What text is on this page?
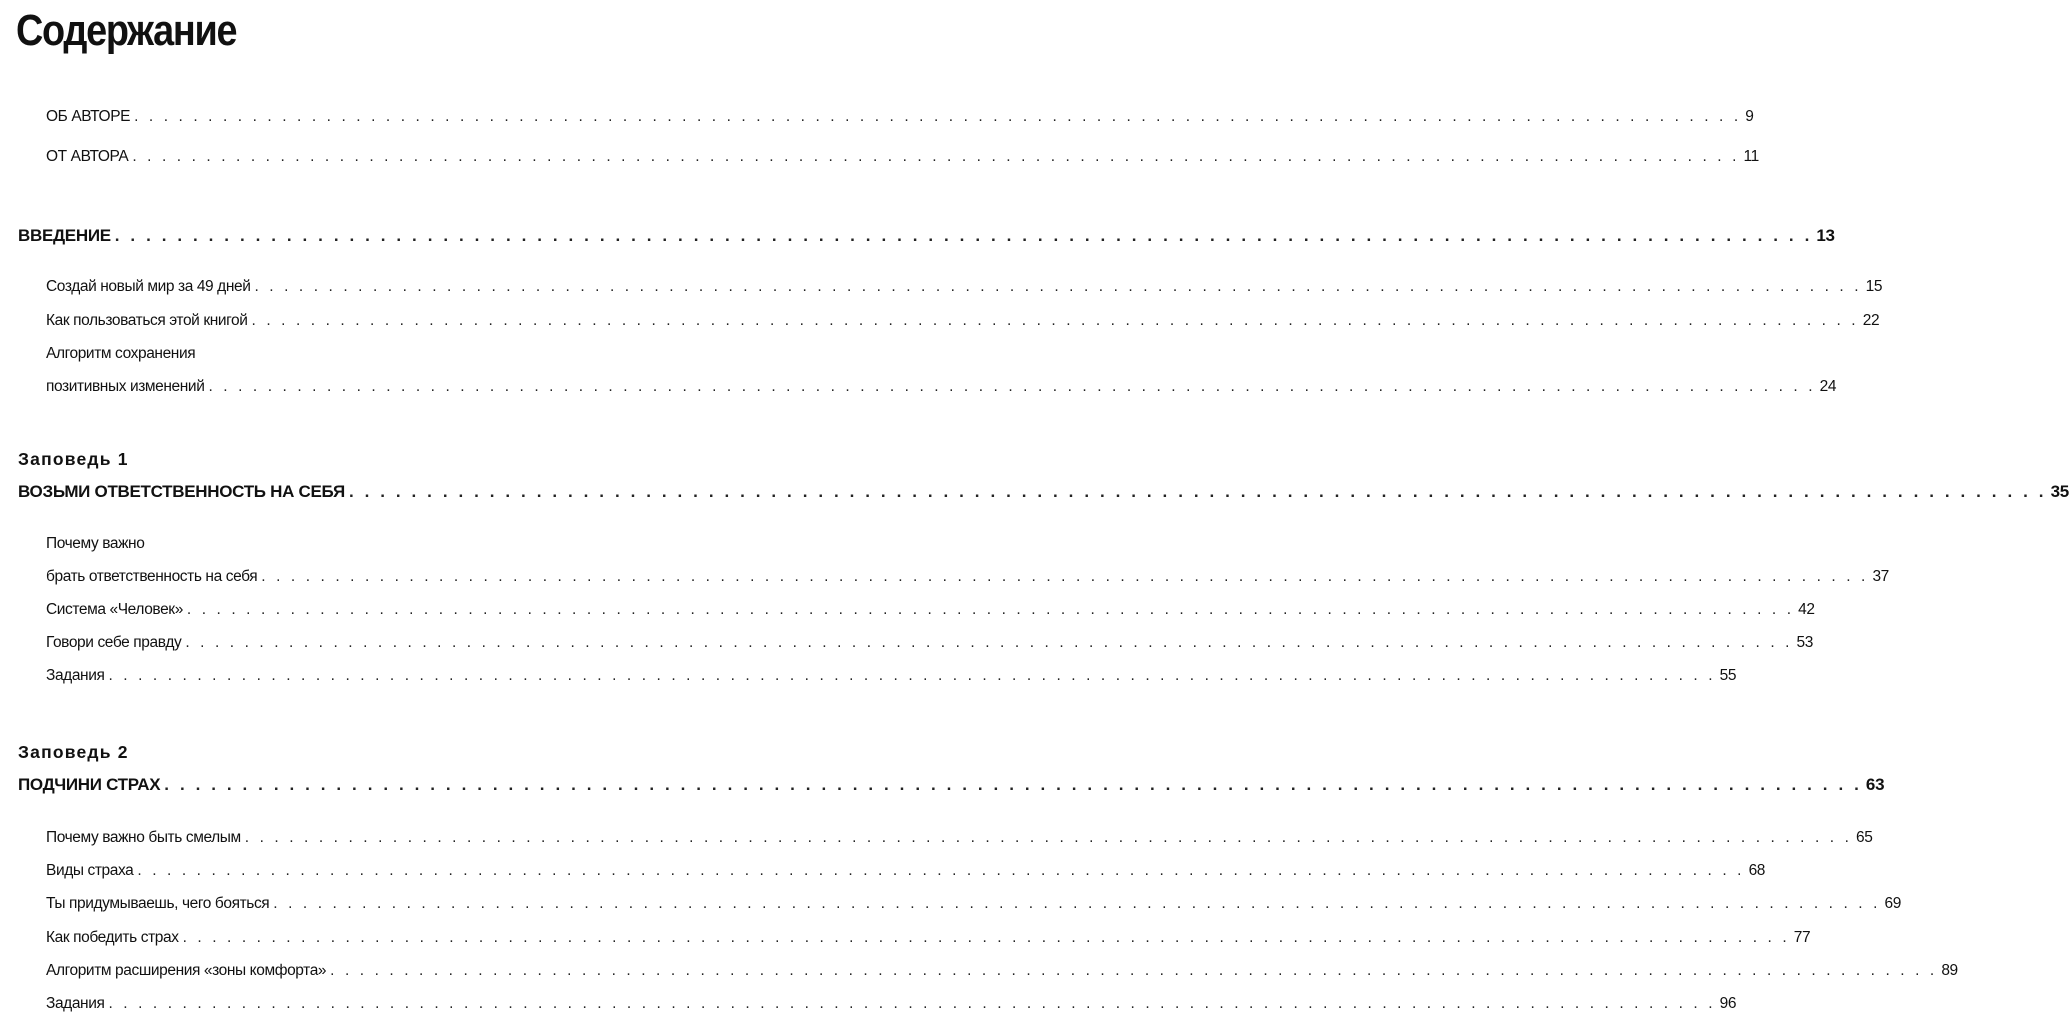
Содержание
ОБ АВТОРЕ . . . . . . . . . . . . . . . . . . . . . . . . . . . . . . . . . . . . . . . . . . . . . . . . . . . . . . . . . . . . . . . . . . . . . . . . . . . . . . . . . . . . . . . . . . . . . . . . . . . . . . . . . . . . . 9
ОТ АВТОРА . . . . . . . . . . . . . . . . . . . . . . . . . . . . . . . . . . . . . . . . . . . . . . . . . . . . . . . . . . . . . . . . . . . . . . . . . . . . . . . . . . . . . . . . . . . . . . . . . . . . . . . . . . . . . 11
ВВЕДЕНИЕ . . . . . . . . . . . . . . . . . . . . . . . . . . . . . . . . . . . . . . . . . . . . . . . . . . . . . . . . . . . . . . . . . . . . . . . . . . . . . . . . . . . . . . . . . . . . . . . . . . . . . . . . . . . . . 13
Создай новый мир за 49 дней . . . . . . . . . . . . . . . . . . . . . . . . . . . . . . . . . . . . . . . . . . . . . . . . . . . . . . . . . . . . . . . . . . . . . . . . . . . . . . . . . . . . . . . . . . . . . . . . . . . . . . . . . . . . . 15
Как пользоваться этой книгой . . . . . . . . . . . . . . . . . . . . . . . . . . . . . . . . . . . . . . . . . . . . . . . . . . . . . . . . . . . . . . . . . . . . . . . . . . . . . . . . . . . . . . . . . . . . . . . . . . . . . . . . . . . . . 22
Алгоритм сохранения
позитивных изменений . . . . . . . . . . . . . . . . . . . . . . . . . . . . . . . . . . . . . . . . . . . . . . . . . . . . . . . . . . . . . . . . . . . . . . . . . . . . . . . . . . . . . . . . . . . . . . . . . . . . . . . . . . . . . 24
Заповедь 1
ВОЗЬМИ ОТВЕТСТВЕННОСТЬ НА СЕБЯ . . . . . . . . . . . . . . . . . . . . . . . . . . . . . . . . . . . . . . . . . . . . . . . . . . . . . . . . . . . . . . . . . . . . . . . . . . . . . . . . . . . . . . . . . . . . . . . . . . . . . . . . . . . . . 35
Почему важно
брать ответственность на себя . . . . . . . . . . . . . . . . . . . . . . . . . . . . . . . . . . . . . . . . . . . . . . . . . . . . . . . . . . . . . . . . . . . . . . . . . . . . . . . . . . . . . . . . . . . . . . . . . . . . . . . . . . . . . 37
Система «Человек» . . . . . . . . . . . . . . . . . . . . . . . . . . . . . . . . . . . . . . . . . . . . . . . . . . . . . . . . . . . . . . . . . . . . . . . . . . . . . . . . . . . . . . . . . . . . . . . . . . . . . . . . . . . . . 42
Говори себе правду . . . . . . . . . . . . . . . . . . . . . . . . . . . . . . . . . . . . . . . . . . . . . . . . . . . . . . . . . . . . . . . . . . . . . . . . . . . . . . . . . . . . . . . . . . . . . . . . . . . . . . . . . . . . . 53
Задания . . . . . . . . . . . . . . . . . . . . . . . . . . . . . . . . . . . . . . . . . . . . . . . . . . . . . . . . . . . . . . . . . . . . . . . . . . . . . . . . . . . . . . . . . . . . . . . . . . . . . . . . . . . . . 55
Заповедь 2
ПОДЧИНИ СТРАХ . . . . . . . . . . . . . . . . . . . . . . . . . . . . . . . . . . . . . . . . . . . . . . . . . . . . . . . . . . . . . . . . . . . . . . . . . . . . . . . . . . . . . . . . . . . . . . . . . . . . . . . . . . . . . 63
Почему важно быть смелым . . . . . . . . . . . . . . . . . . . . . . . . . . . . . . . . . . . . . . . . . . . . . . . . . . . . . . . . . . . . . . . . . . . . . . . . . . . . . . . . . . . . . . . . . . . . . . . . . . . . . . . . . . . . . 65
Виды страха . . . . . . . . . . . . . . . . . . . . . . . . . . . . . . . . . . . . . . . . . . . . . . . . . . . . . . . . . . . . . . . . . . . . . . . . . . . . . . . . . . . . . . . . . . . . . . . . . . . . . . . . . . . . . 68
Ты придумываешь, чего бояться . . . . . . . . . . . . . . . . . . . . . . . . . . . . . . . . . . . . . . . . . . . . . . . . . . . . . . . . . . . . . . . . . . . . . . . . . . . . . . . . . . . . . . . . . . . . . . . . . . . . . . . . . . . . . 69
Как победить страх . . . . . . . . . . . . . . . . . . . . . . . . . . . . . . . . . . . . . . . . . . . . . . . . . . . . . . . . . . . . . . . . . . . . . . . . . . . . . . . . . . . . . . . . . . . . . . . . . . . . . . . . . . . . . 77
Алгоритм расширения «зоны комфорта» . . . . . . . . . . . . . . . . . . . . . . . . . . . . . . . . . . . . . . . . . . . . . . . . . . . . . . . . . . . . . . . . . . . . . . . . . . . . . . . . . . . . . . . . . . . . . . . . . . . . . . . . . . . . . 89
Задания . . . . . . . . . . . . . . . . . . . . . . . . . . . . . . . . . . . . . . . . . . . . . . . . . . . . . . . . . . . . . . . . . . . . . . . . . . . . . . . . . . . . . . . . . . . . . . . . . . . . . . . . . . . . . 96
